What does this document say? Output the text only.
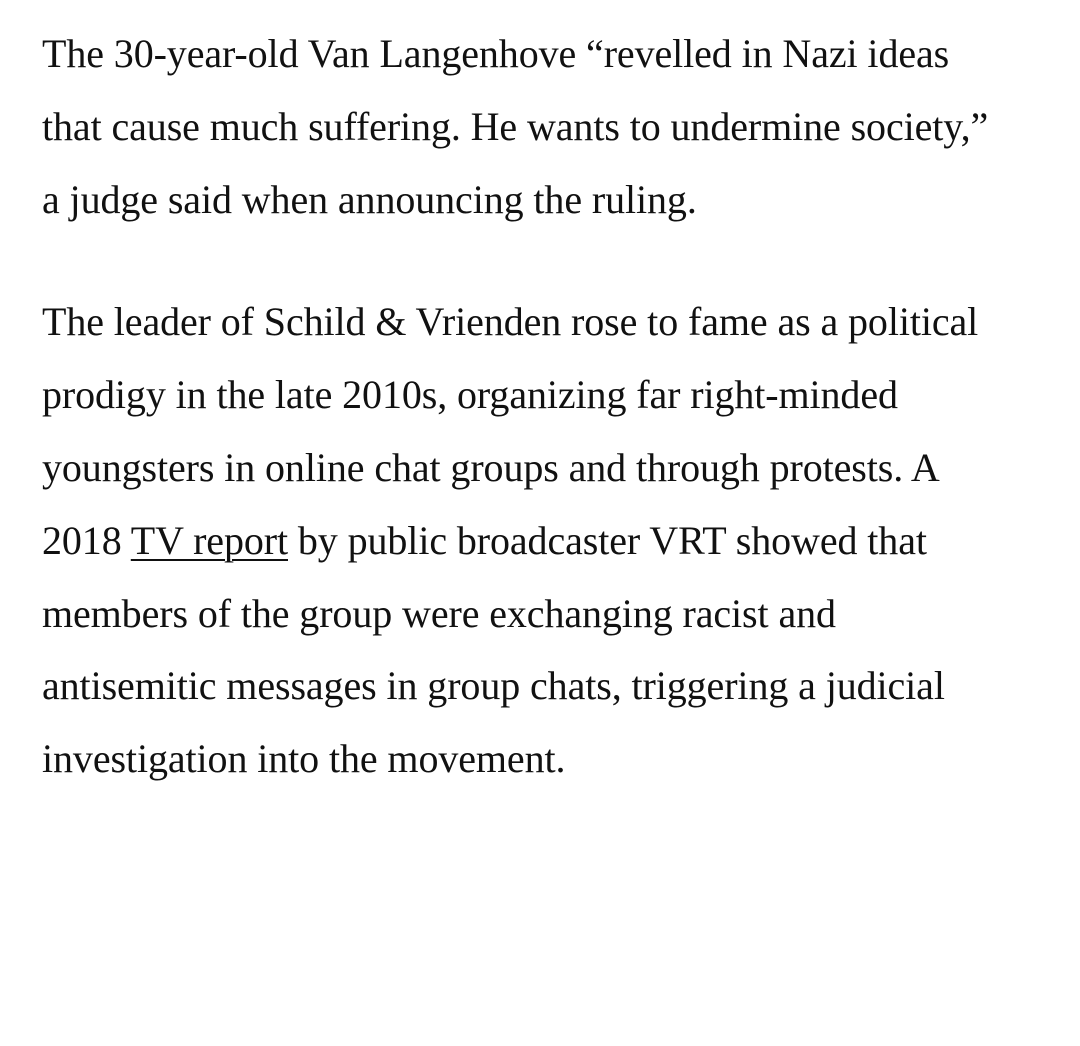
The 30-year-old Van Langenhove “revelled in Nazi ideas that cause much suffering. He wants to undermine society,” a judge said when announcing the ruling.

The leader of Schild & Vrienden rose to fame as a political prodigy in the late 2010s, organizing far right-minded youngsters in online chat groups and through protests. A 2018 TV report by public broadcaster VRT showed that members of the group were exchanging racist and antisemitic messages in group chats, triggering a judicial investigation into the movement.
